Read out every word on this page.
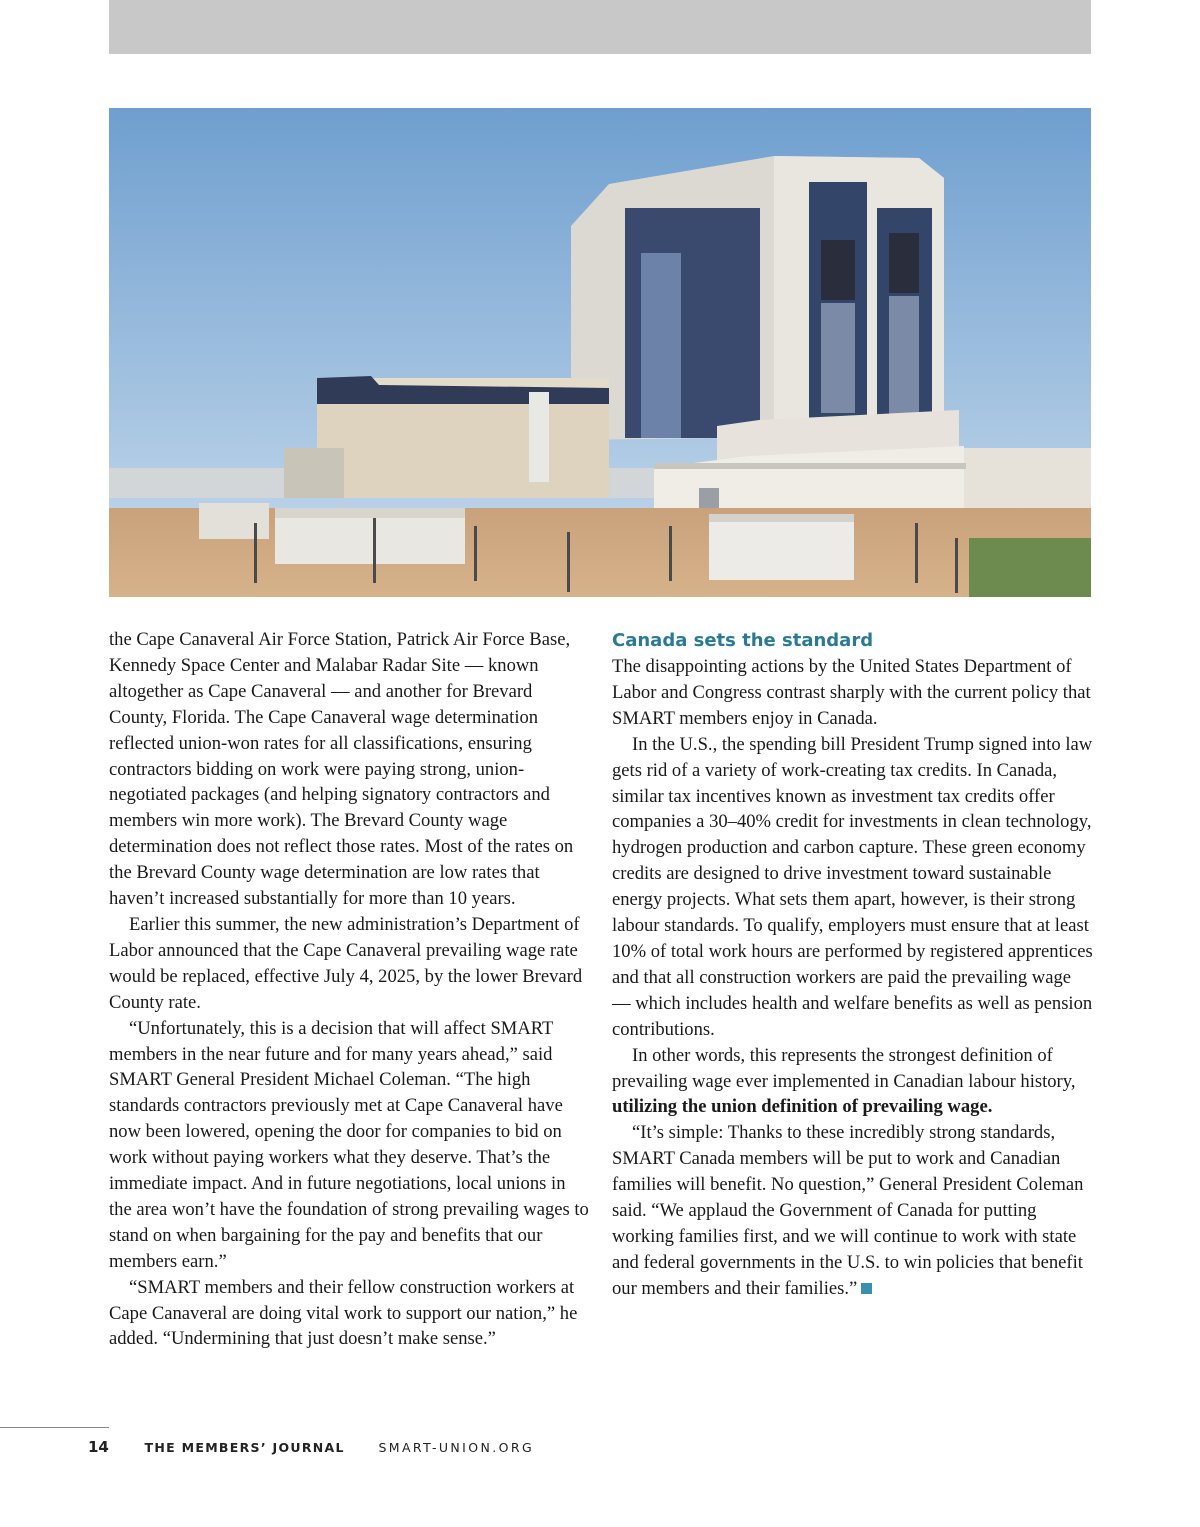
the Cape Canaveral Air Force Station, Patrick Air Force Base, Kennedy Space Center and Malabar Radar Site — known altogether as Cape Canaveral — and another for Brevard County, Florida. The Cape Canaveral wage determination reflected union-won rates for all classifications, ensuring contractors bidding on work were paying strong, union-negotiated packages (and helping signatory contractors and members win more work). The Brevard County wage determination does not reflect those rates. Most of the rates on the Brevard County wage determination are low rates that haven’t increased substantially for more than 10 years.

Earlier this summer, the new administration’s Department of Labor announced that the Cape Canaveral prevailing wage rate would be replaced, effective July 4, 2025, by the lower Brevard County rate.

“Unfortunately, this is a decision that will affect SMART members in the near future and for many years ahead,” said SMART General President Michael Coleman. “The high standards contractors previously met at Cape Canaveral have now been lowered, opening the door for companies to bid on work without paying workers what they deserve. That’s the immediate impact. And in future negotiations, local unions in the area won’t have the foundation of strong prevailing wages to stand on when bargaining for the pay and benefits that our members earn.”

“SMART members and their fellow construction workers at Cape Canaveral are doing vital work to support our nation,” he added. “Undermining that just doesn’t make sense.”

Canada sets the standard

The disappointing actions by the United States Department of Labor and Congress contrast sharply with the current policy that SMART members enjoy in Canada.

In the U.S., the spending bill President Trump signed into law gets rid of a variety of work-creating tax credits. In Canada, similar tax incentives known as investment tax credits offer companies a 30–40% credit for investments in clean technology, hydrogen production and carbon capture. These green economy credits are designed to drive investment toward sustainable energy projects. What sets them apart, however, is their strong labour standards. To qualify, employers must ensure that at least 10% of total work hours are performed by registered apprentices and that all construction workers are paid the prevailing wage — which includes health and welfare benefits as well as pension contributions.

In other words, this represents the strongest definition of prevailing wage ever implemented in Canadian labour history, utilizing the union definition of prevailing wage.

“It’s simple: Thanks to these incredibly strong standards, SMART Canada members will be put to work and Canadian families will benefit. No question,” General President Coleman said. “We applaud the Government of Canada for putting working families first, and we will continue to work with state and federal governments in the U.S. to win policies that benefit our members and their families.”

14	THE MEMBERS’ JOURNAL	SMART-UNION.ORG
